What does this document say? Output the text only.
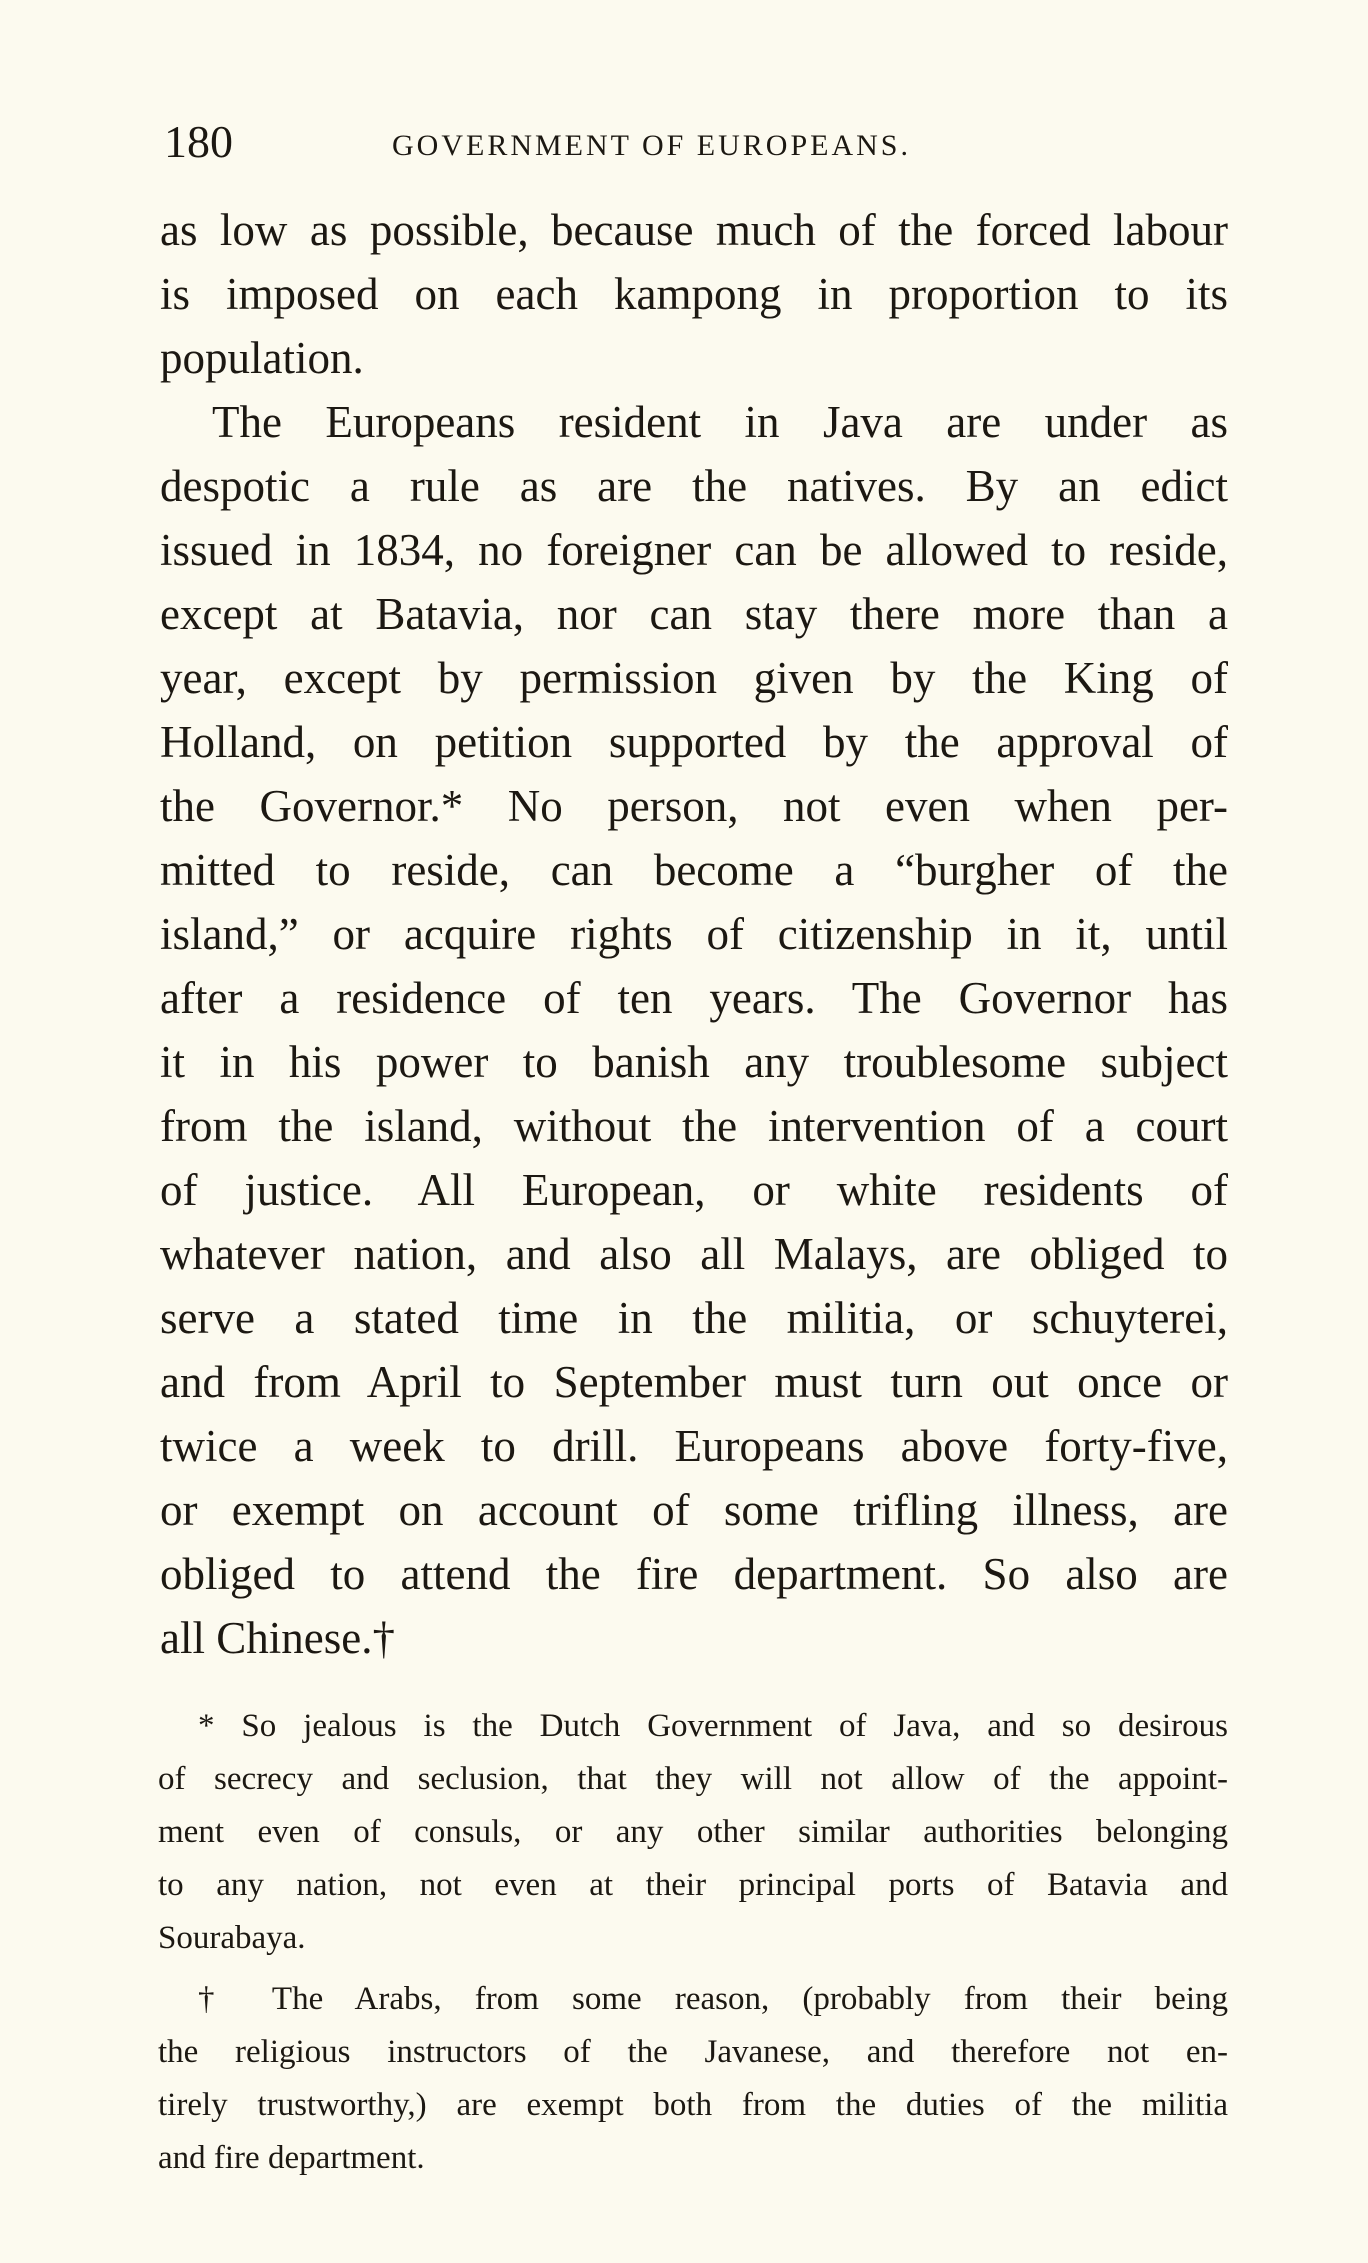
180	GOVERNMENT OF EUROPEANS.
as low as possible, because much of the forced labour
is imposed on each kampong in proportion to its
population.
The Europeans resident in Java are under as
despotic a rule as are the natives. By an edict
issued in 1834, no foreigner can be allowed to reside,
except at Batavia, nor can stay there more than a
year, except by permission given by the King of
Holland, on petition supported by the approval of
the Governor.* No person, not even when per-
mitted to reside, can become a “burgher of the
island,” or acquire rights of citizenship in it, until
after a residence of ten years. The Governor has
it in his power to banish any troublesome subject
from the island, without the intervention of a court
of justice. All European, or white residents of
whatever nation, and also all Malays, are obliged to
serve a stated time in the militia, or schuyterei,
and from April to September must turn out once or
twice a week to drill. Europeans above forty-five,
or exempt on account of some trifling illness, are
obliged to attend the fire department. So also are
all Chinese.†
* So jealous is the Dutch Government of Java, and so desirous
of secrecy and seclusion, that they will not allow of the appoint-
ment even of consuls, or any other similar authorities belonging
to any nation, not even at their principal ports of Batavia and
Sourabaya.
† The Arabs, from some reason, (probably from their being
the religious instructors of the Javanese, and therefore not en-
tirely trustworthy,) are exempt both from the duties of the militia
and fire department.
